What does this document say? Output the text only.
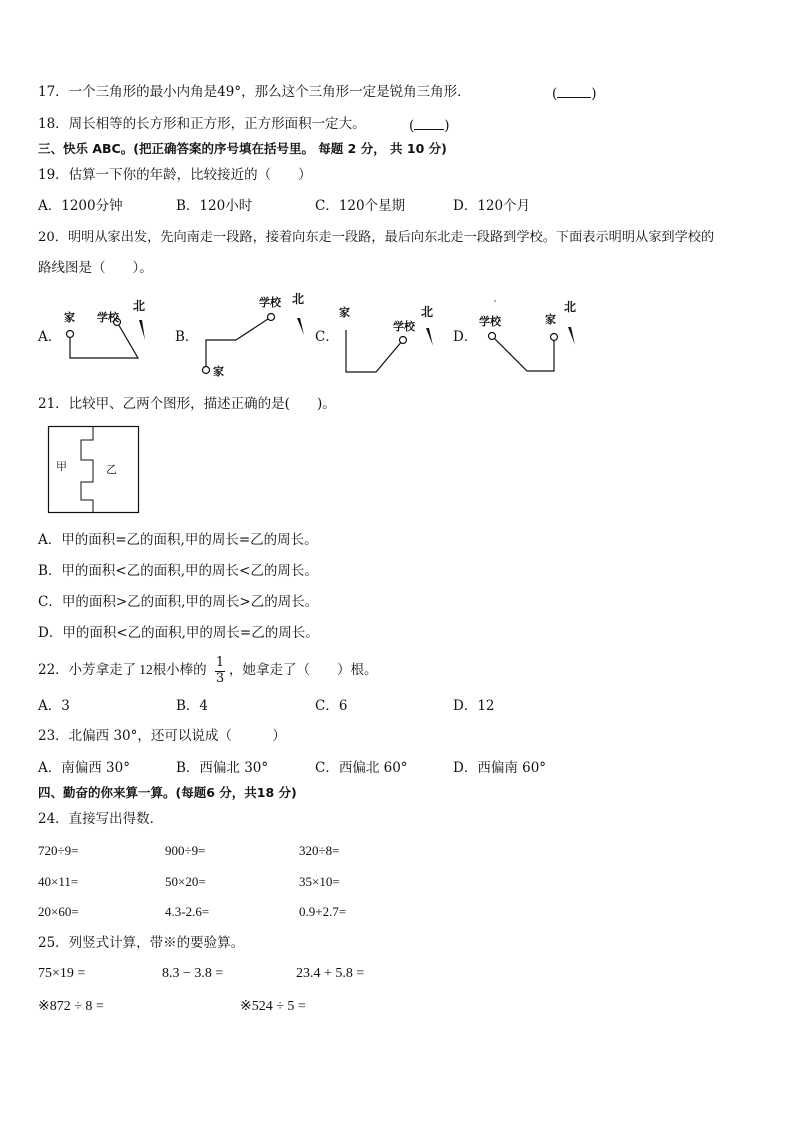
17．一个三角形的最小内角是49°，那么这个三角形一定是锐角三角形．	(	)
18．周长相等的长方形和正方形，正方形面积一定大。	( )
三、快乐 ABC。(把正确答案的序号填在括号里。 每题 2 分， 共 10 分)
19．估算一下你的年龄，比较接近的（　　）
A．1200分钟	B．120小时	C．120个星期	D．120个月
20．明明从家出发，先向南走一段路，接着向东走一段路，最后向东北走一段路到学校。下面表示明明从家到学校的
路线图是（　　）。
A．
家 学校
北
B．
家
学校 北
C．
家
学校
北
D．
学校	家
北
21．比较甲、乙两个图形，描述正确的是(　　)。
甲	乙
A．甲的面积=乙的面积,甲的周长=乙的周长。
B．甲的面积<乙的面积,甲的周长<乙的周长。
C．甲的面积>乙的面积,甲的周长>乙的周长。
D．甲的面积<乙的面积,甲的周长=乙的周长。
22．小芳拿走了 12根小棒的 1
3
，她拿走了（　　）根。
A．3	B．4	C．6	D．12
23．北偏西 30°，还可以说成（　　　）
A．南偏西 30°	B．西偏北 30°	C．西偏北 60°	D．西偏南 60°
四、勤奋的你来算一算。(每题6 分，共18 分)
24．直接写出得数．
720÷9=	900÷9=	320÷8=
40×11=	50×20=	35×10=
20×60=	4.3-2.6=	0.9+2.7=
25．列竖式计算，带※的要验算。
75×19 =	8.3 − 3.8 =	23.4 + 5.8 =
※872 ÷ 8 =	※524 ÷ 5 =
